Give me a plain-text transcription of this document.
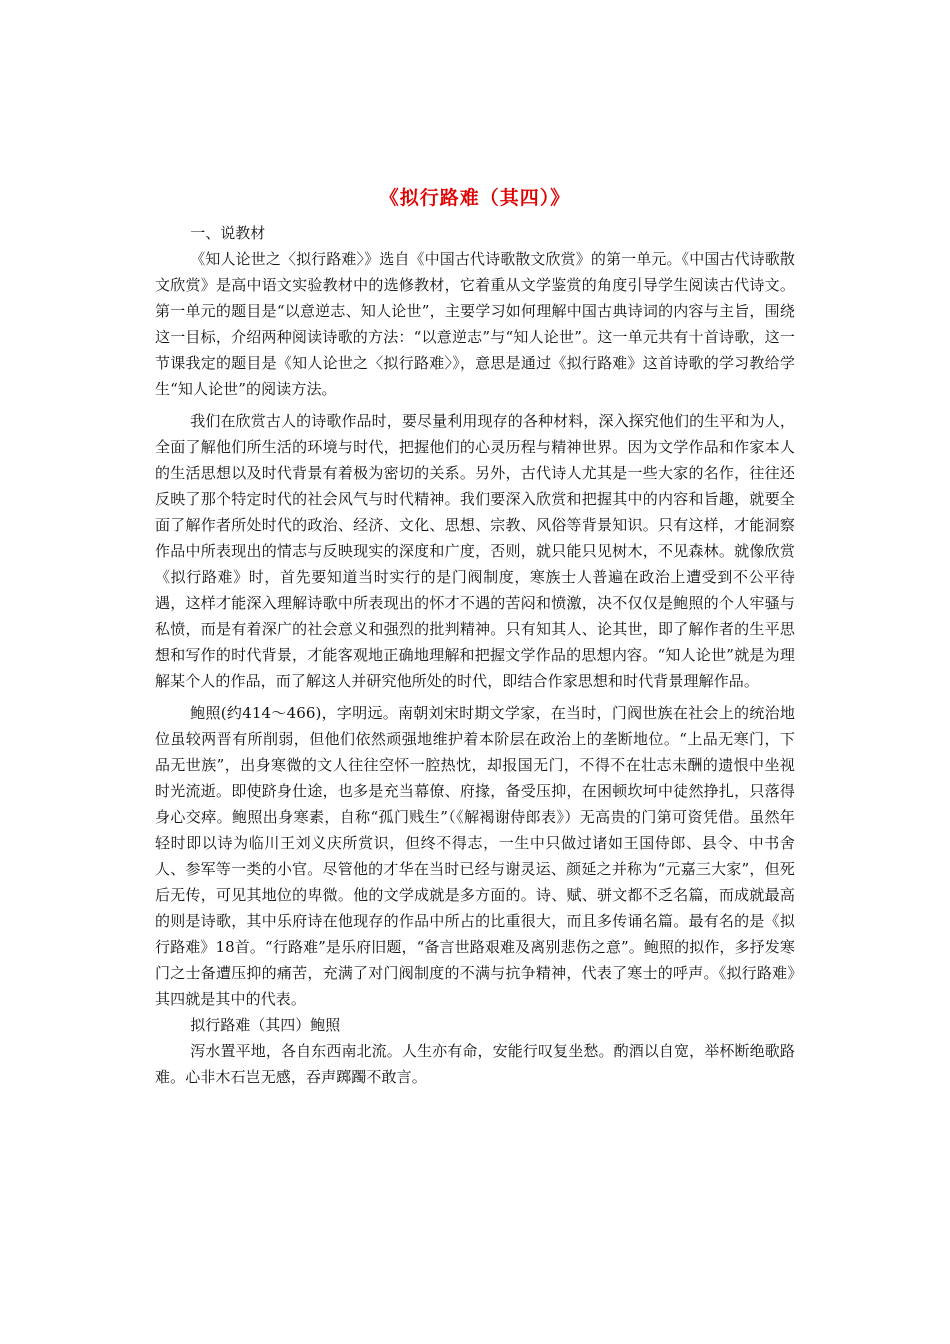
《拟行路难（其四）》

一、说教材

《知人论世之〈拟行路难〉》选自《中国古代诗歌散文欣赏》的第一单元。《中国古代诗歌散文欣赏》是高中语文实验教材中的选修教材，它着重从文学鉴赏的角度引导学生阅读古代诗文。第一单元的题目是“以意逆志、知人论世”，主要学习如何理解中国古典诗词的内容与主旨，围绕这一目标，介绍两种阅读诗歌的方法：“以意逆志”与“知人论世”。这一单元共有十首诗歌，这一节课我定的题目是《知人论世之〈拟行路难〉》，意思是通过《拟行路难》这首诗歌的学习教给学生“知人论世”的阅读方法。

我们在欣赏古人的诗歌作品时，要尽量利用现存的各种材料，深入探究他们的生平和为人，全面了解他们所生活的环境与时代，把握他们的心灵历程与精神世界。因为文学作品和作家本人的生活思想以及时代背景有着极为密切的关系。另外，古代诗人尤其是一些大家的名作，往往还反映了那个特定时代的社会风气与时代精神。我们要深入欣赏和把握其中的内容和旨趣，就要全面了解作者所处时代的政治、经济、文化、思想、宗教、风俗等背景知识。只有这样，才能洞察作品中所表现出的情志与反映现实的深度和广度，否则，就只能只见树木，不见森林。就像欣赏《拟行路难》时，首先要知道当时实行的是门阀制度，寒族士人普遍在政治上遭受到不公平待遇，这样才能深入理解诗歌中所表现出的怀才不遇的苦闷和愤激，决不仅仅是鲍照的个人牢骚与私愤，而是有着深广的社会意义和强烈的批判精神。只有知其人、论其世，即了解作者的生平思想和写作的时代背景，才能客观地正确地理解和把握文学作品的思想内容。“知人论世”就是为理解某个人的作品，而了解这人并研究他所处的时代，即结合作家思想和时代背景理解作品。

鲍照(约414～466)，字明远。南朝刘宋时期文学家，在当时，门阀世族在社会上的统治地位虽较两晋有所削弱，但他们依然顽强地维护着本阶层在政治上的垄断地位。“上品无寒门，下品无世族”，出身寒微的文人往往空怀一腔热忱，却报国无门，不得不在壮志未酬的遗恨中坐视时光流逝。即使跻身仕途，也多是充当幕僚、府掾，备受压抑，在困顿坎坷中徒然挣扎，只落得身心交瘁。鲍照出身寒素，自称“孤门贱生”（《解褐谢侍郎表》）无高贵的门第可资凭借。虽然年轻时即以诗为临川王刘义庆所赏识，但终不得志，一生中只做过诸如王国侍郎、县令、中书舍人、参军等一类的小官。尽管他的才华在当时已经与谢灵运、颜延之并称为“元嘉三大家”，但死后无传，可见其地位的卑微。他的文学成就是多方面的。诗、赋、骈文都不乏名篇，而成就最高的则是诗歌，其中乐府诗在他现存的作品中所占的比重很大，而且多传诵名篇。最有名的是《拟行路难》18首。“行路难”是乐府旧题，“备言世路艰难及离别悲伤之意”。鲍照的拟作，多抒发寒门之士备遭压抑的痛苦，充满了对门阀制度的不满与抗争精神，代表了寒士的呼声。《拟行路难》其四就是其中的代表。

拟行路难（其四）鲍照

泻水置平地，各自东西南北流。人生亦有命，安能行叹复坐愁。酌酒以自宽，举杯断绝歌路难。心非木石岂无感，吞声踯躅不敢言。
